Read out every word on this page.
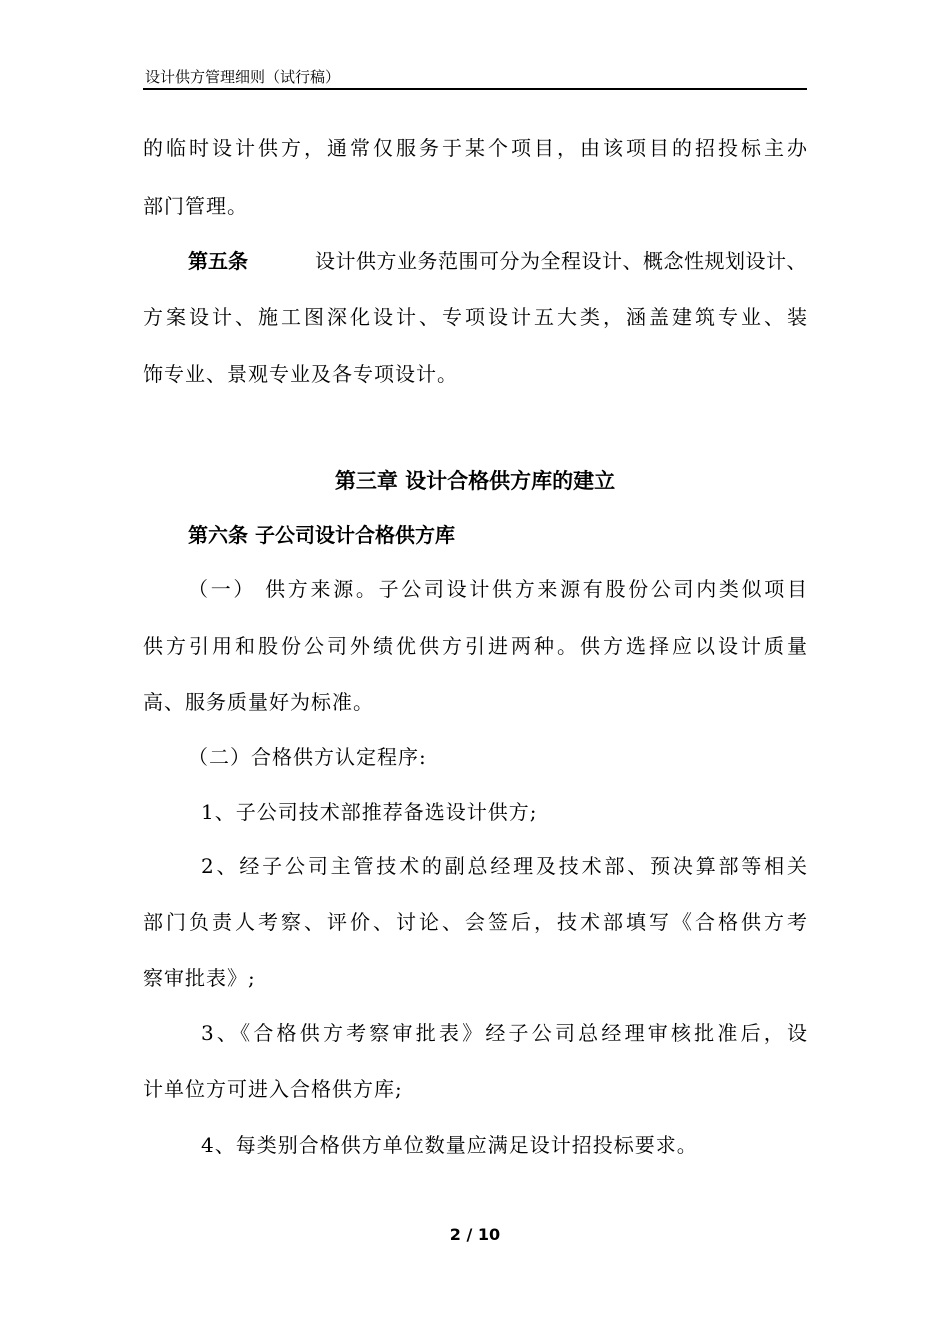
设计供方管理细则（试行稿）
的临时设计供方，通常仅服务于某个项目，由该项目的招投标主办
部门管理。
第五条	设计供方业务范围可分为全程设计、概念性规划设计、
方案设计、施工图深化设计、专项设计五大类，涵盖建筑专业、装
饰专业、景观专业及各专项设计。
第三章 设计合格供方库的建立
第六条 子公司设计合格供方库
（一） 供方来源。子公司设计供方来源有股份公司内类似项目
供方引用和股份公司外绩优供方引进两种。供方选择应以设计质量
高、服务质量好为标准。
（二）合格供方认定程序:
1、子公司技术部推荐备选设计供方;
2、经子公司主管技术的副总经理及技术部、预决算部等相关
部门负责人考察、评价、讨论、会签后，技术部填写《合格供方考
察审批表》;
3、《合格供方考察审批表》经子公司总经理审核批准后，设
计单位方可进入合格供方库;
4、每类别合格供方单位数量应满足设计招投标要求。
2 / 10
